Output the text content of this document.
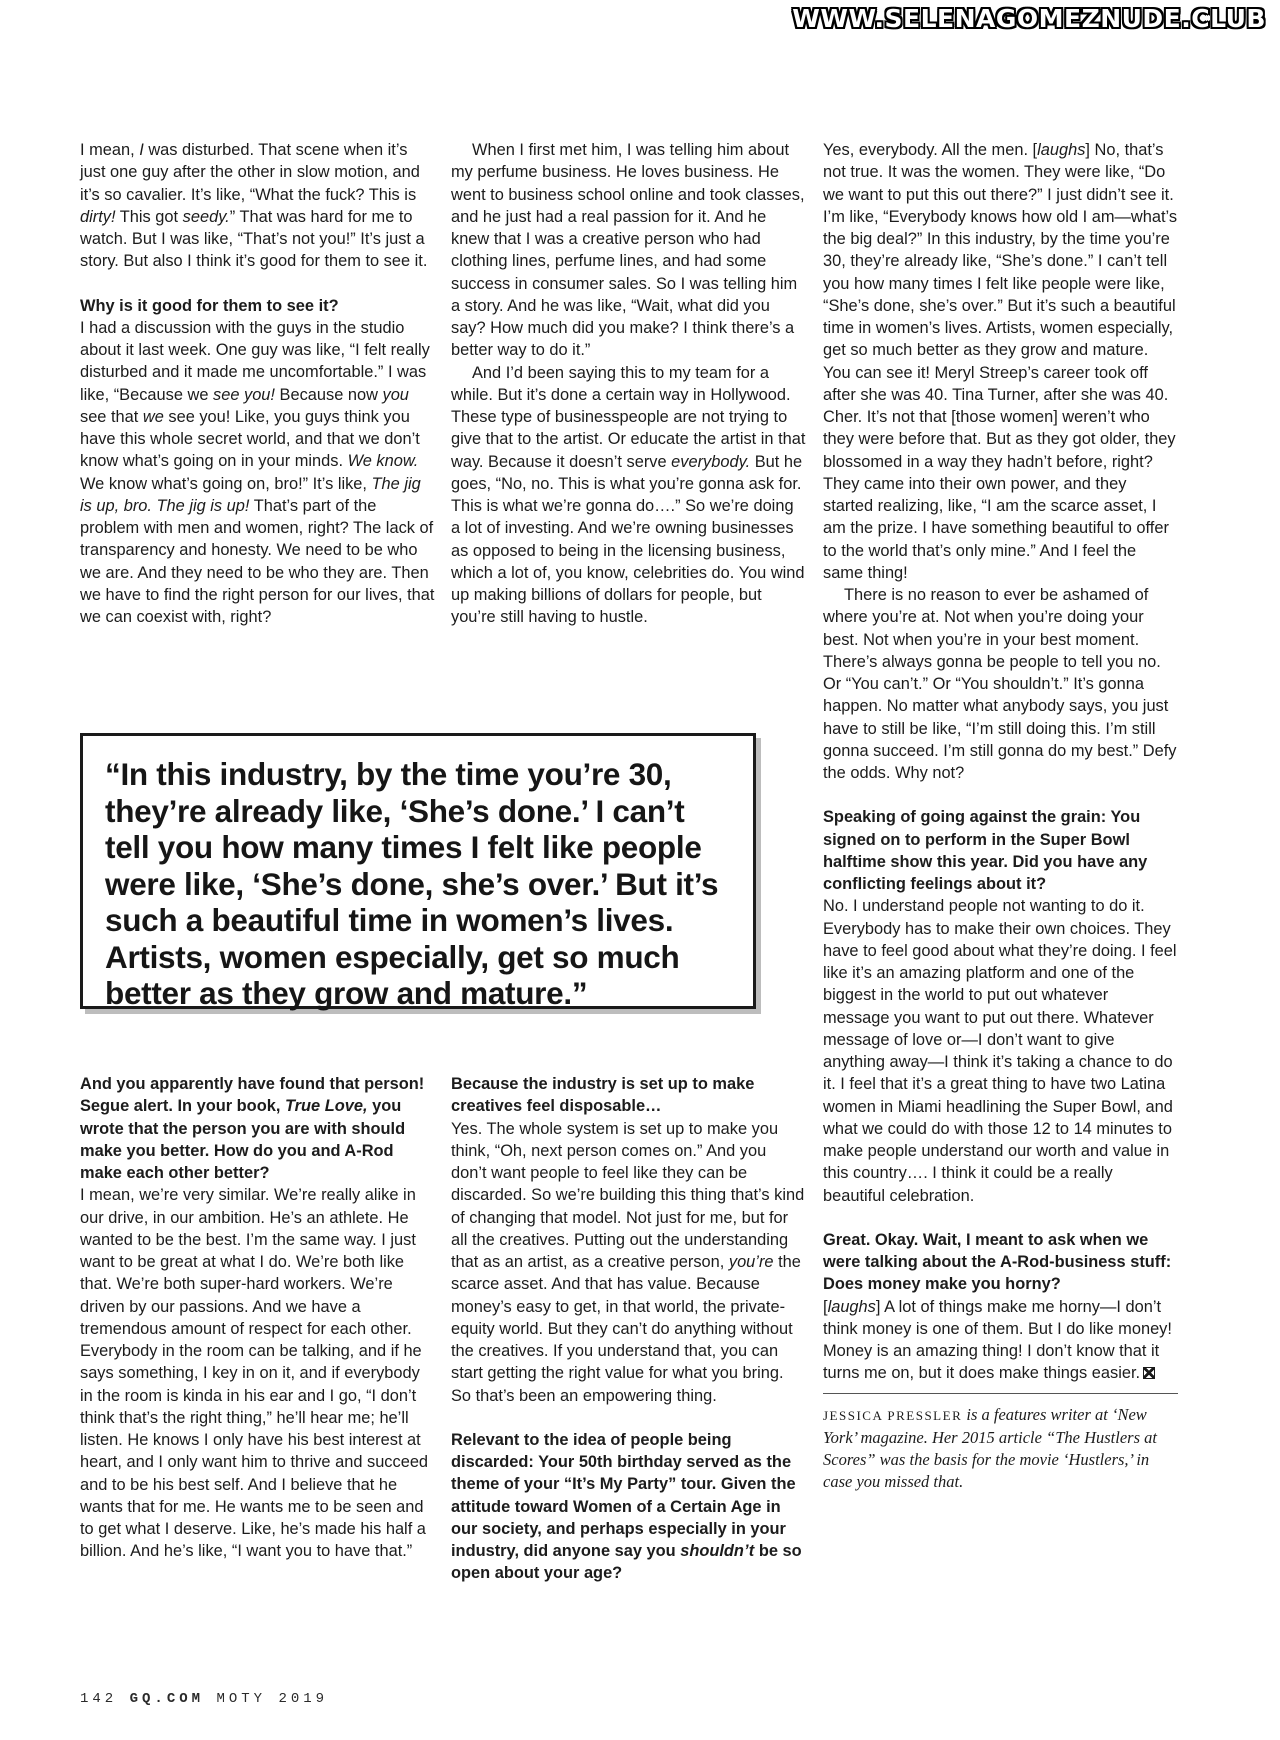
WWW.SELENAGOMEZNUDE.CLUB

I mean, I was disturbed. That scene when it’s just one guy after the other in slow motion, and it’s so cavalier. It’s like, “What the fuck? This is dirty! This got seedy.” That was hard for me to watch. But I was like, “That’s not you!” It’s just a story. But also I think it’s good for them to see it.

Why is it good for them to see it?

I had a discussion with the guys in the studio about it last week. One guy was like, “I felt really disturbed and it made me uncomfortable.” I was like, “Because we see you! Because now you see that we see you! Like, you guys think you have this whole secret world, and that we don’t know what’s going on in your minds. We know. We know what’s going on, bro!” It’s like, The jig is up, bro. The jig is up! That’s part of the problem with men and women, right? The lack of transparency and honesty. We need to be who we are. And they need to be who they are. Then we have to find the right person for our lives, that we can coexist with, right?

When I first met him, I was telling him about my perfume business. He loves business. He went to business school online and took classes, and he just had a real passion for it. And he knew that I was a creative person who had clothing lines, perfume lines, and had some success in consumer sales. So I was telling him a story. And he was like, “Wait, what did you say? How much did you make? I think there’s a better way to do it.”

And I’d been saying this to my team for a while. But it’s done a certain way in Hollywood. These type of businesspeople are not trying to give that to the artist. Or educate the artist in that way. Because it doesn’t serve everybody. But he goes, “No, no. This is what you’re gonna ask for. This is what we’re gonna do….” So we’re doing a lot of investing. And we’re owning businesses as opposed to being in the licensing business, which a lot of, you know, celebrities do. You wind up making billions of dollars for people, but you’re still having to hustle.

Yes, everybody. All the men. [laughs] No, that’s not true. It was the women. They were like, “Do we want to put this out there?” I just didn’t see it. I’m like, “Everybody knows how old I am—what’s the big deal?” In this industry, by the time you’re 30, they’re already like, “She’s done.” I can’t tell you how many times I felt like people were like, “She’s done, she’s over.” But it’s such a beautiful time in women’s lives. Artists, women especially, get so much better as they grow and mature. You can see it! Meryl Streep’s career took off after she was 40. Tina Turner, after she was 40. Cher. It’s not that [those women] weren’t who they were before that. But as they got older, they blossomed in a way they hadn’t before, right? They came into their own power, and they started realizing, like, “I am the scarce asset, I am the prize. I have something beautiful to offer to the world that’s only mine.” And I feel the same thing!

There is no reason to ever be ashamed of where you’re at. Not when you’re doing your best. Not when you’re in your best moment. There’s always gonna be people to tell you no. Or “You can’t.” Or “You shouldn’t.” It’s gonna happen. No matter what anybody says, you just have to still be like, “I’m still doing this. I’m still gonna succeed. I’m still gonna do my best.” Defy the odds. Why not?

Speaking of going against the grain: You signed on to perform in the Super Bowl halftime show this year. Did you have any conflicting feelings about it?

No. I understand people not wanting to do it. Everybody has to make their own choices. They have to feel good about what they’re doing. I feel like it’s an amazing platform and one of the biggest in the world to put out whatever message you want to put out there. Whatever message of love or—I don’t want to give anything away—I think it’s taking a chance to do it. I feel that it’s a great thing to have two Latina women in Miami headlining the Super Bowl, and what we could do with those 12 to 14 minutes to make people understand our worth and value in this country…. I think it could be a really beautiful celebration.

Great. Okay. Wait, I meant to ask when we were talking about the A-Rod-business stuff: Does money make you horny?

[laughs] A lot of things make me horny—I don’t think money is one of them. But I do like money! Money is an amazing thing! I don’t know that it turns me on, but it does make things easier.

JESSICA PRESSLER is a features writer at ‘New York’ magazine. Her 2015 article “The Hustlers at Scores” was the basis for the movie ‘Hustlers,’ in case you missed that.
“In this industry, by the time you’re 30, they’re already like, ‘She’s done.’ I can’t tell you how many times I felt like people were like, ‘She’s done, she’s over.’ But it’s such a beautiful time in women’s lives. Artists, women especially, get so much better as they grow and mature.”

And you apparently have found that person! Segue alert. In your book, True Love, you wrote that the person you are with should make you better. How do you and A-Rod make each other better?

I mean, we’re very similar. We’re really alike in our drive, in our ambition. He’s an athlete. He wanted to be the best. I’m the same way. I just want to be great at what I do. We’re both like that. We’re both super-hard workers. We’re driven by our passions. And we have a tremendous amount of respect for each other. Everybody in the room can be talking, and if he says something, I key in on it, and if everybody in the room is kinda in his ear and I go, “I don’t think that’s the right thing,” he’ll hear me; he’ll listen. He knows I only have his best interest at heart, and I only want him to thrive and succeed and to be his best self. And I believe that he wants that for me. He wants me to be seen and to get what I deserve. Like, he’s made his half a billion. And he’s like, “I want you to have that.”

Because the industry is set up to make creatives feel disposable…

Yes. The whole system is set up to make you think, “Oh, next person comes on.” And you don’t want people to feel like they can be discarded. So we’re building this thing that’s kind of changing that model. Not just for me, but for all the creatives. Putting out the understanding that as an artist, as a creative person, you’re the scarce asset. And that has value. Because money’s easy to get, in that world, the private-equity world. But they can’t do anything without the creatives. If you understand that, you can start getting the right value for what you bring. So that’s been an empowering thing.

Relevant to the idea of people being discarded: Your 50th birthday served as the theme of your “It’s My Party” tour. Given the attitude toward Women of a Certain Age in our society, and perhaps especially in your industry, did anyone say you shouldn’t be so open about your age?

142 GQ.COM MOTY 2019
